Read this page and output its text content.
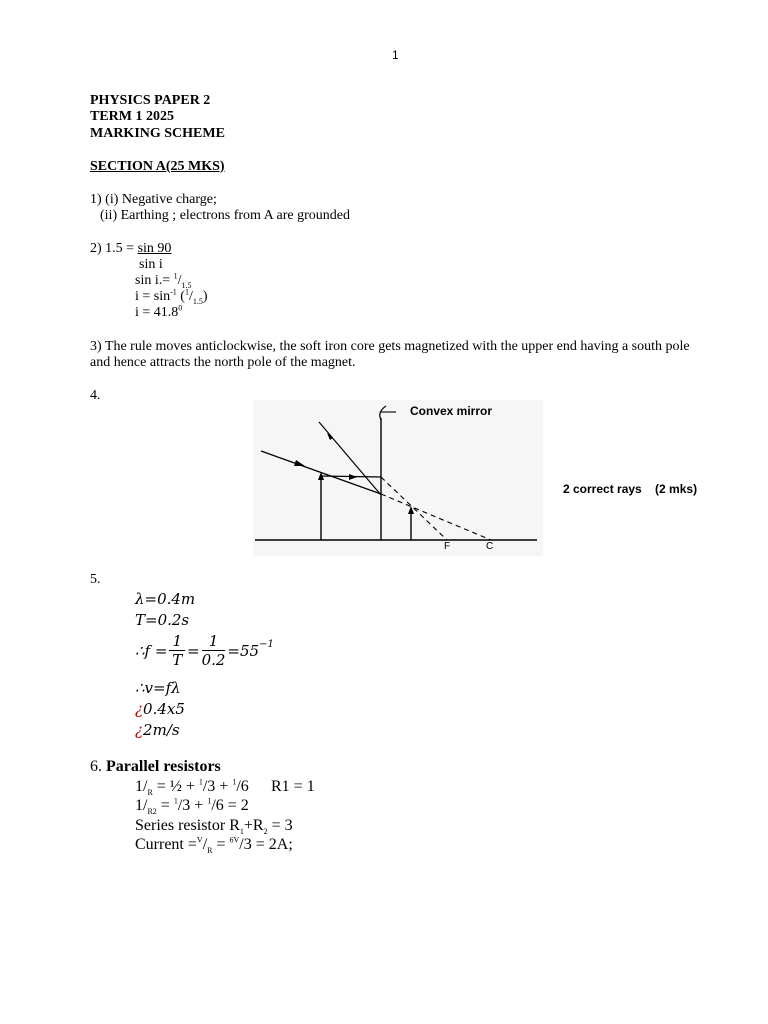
1
PHYSICS PAPER 2
TERM 1 2025
MARKING SCHEME
SECTION A(25 MKS)
1) (i) Negative charge;
(ii) Earthing ; electrons from A are grounded
2) 1.5 = sin 90
sin i
$\sin i.= ^1/_{1.5}$
$i = \sin^{-1} (^1/_{1.5})$
$i = 41.8^0$
3) The rule moves anticlockwise, the soft iron core gets magnetized with the upper end having a south pole
and hence attracts the north pole of the magnet.
4.
Convex mirror
F	C
2 correct rays    (2 mks)
5.
λ=0.4m
T=0.2s
∴f = $\frac{1}{T} = \frac{1}{0.2} =55^{-1}$
∴v=fλ
¿0.4x5
¿2m/s
6. Parallel resistors
$1/_R$ = ½ + $^1$/3 + $^1$/6 R1 = 1
$1/_{R2} = ^1/3 + ^1/6 = 2$
Series resistor $R_1+R_2 = 3$
Current $=^V/_R = ^{6V}/3 = 2A$;
